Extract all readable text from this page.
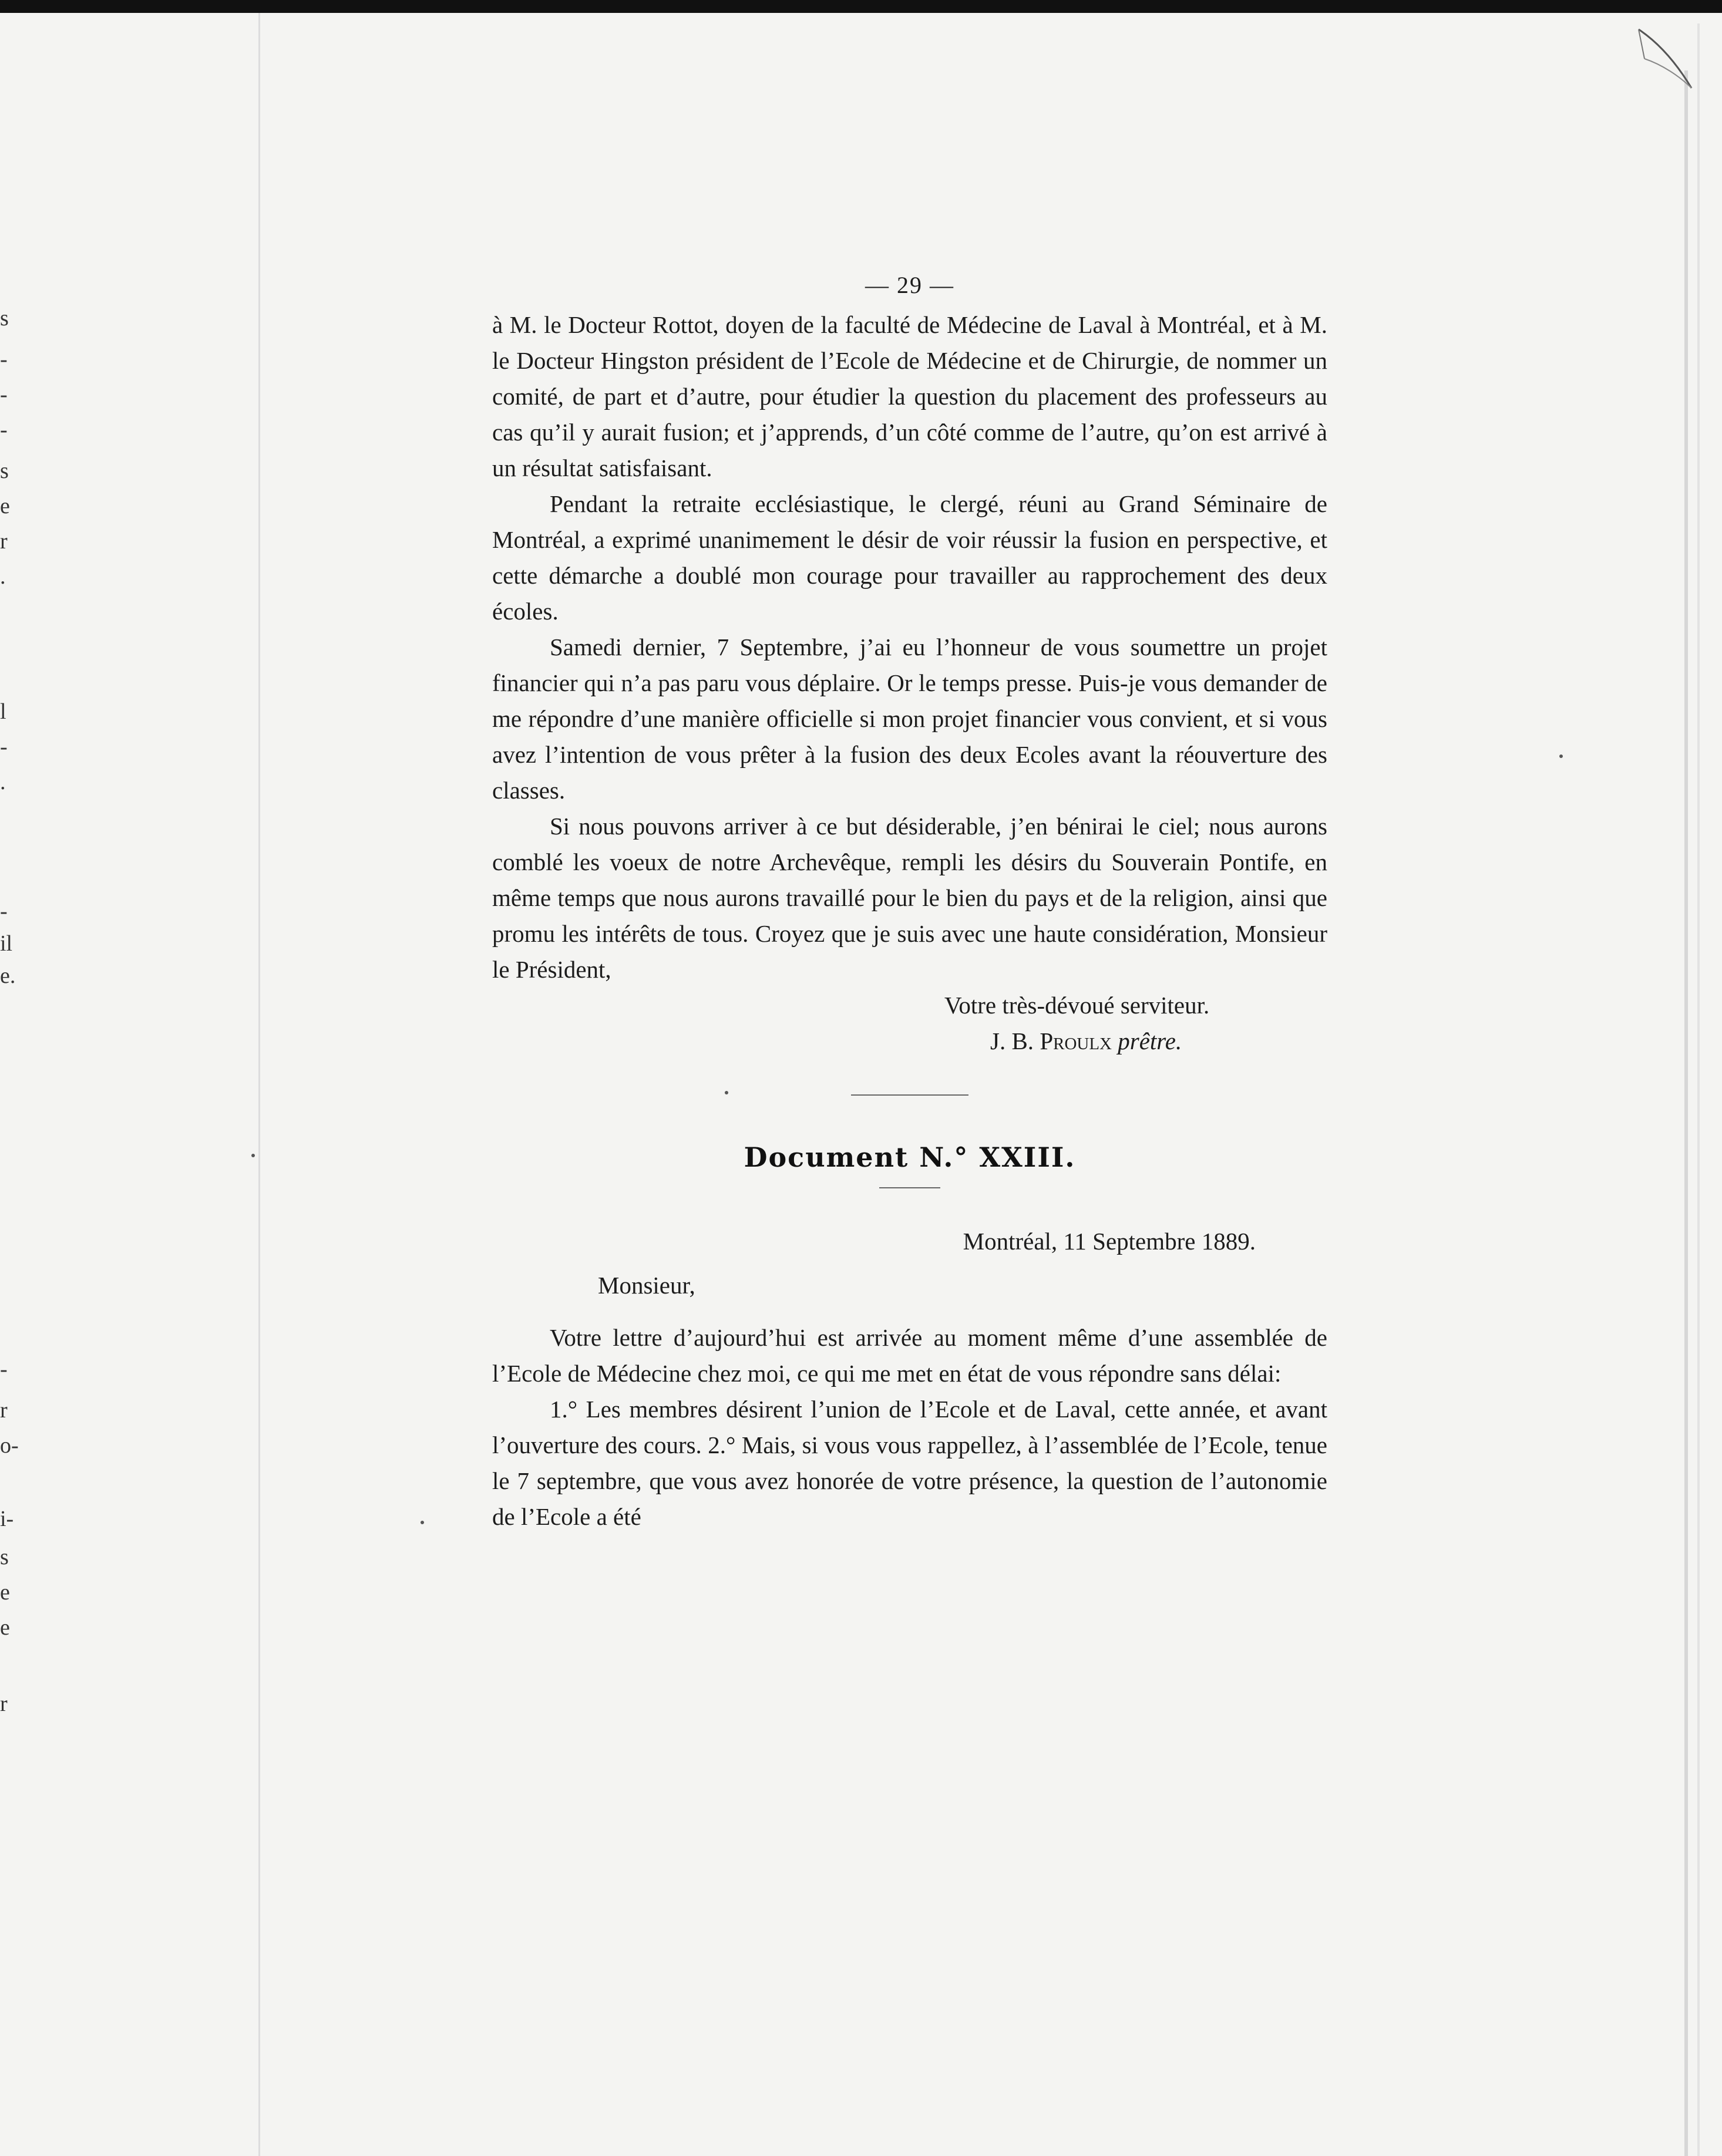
s
-
-
-
s
e
r
.
l
-
.
-
il
e.
-
r
o-
i-
s
e
e
r

— 29 —

à M. le Docteur Rottot, doyen de la faculté de Médecine de Laval à Montréal, et à M. le Docteur Hingston président de l’Ecole de Médecine et de Chirurgie, de nommer un comité, de part et d’autre, pour étudier la question du placement des professeurs au cas qu’il y aurait fusion; et j’apprends, d’un côté comme de l’autre, qu’on est arrivé à un résultat satisfaisant.

Pendant la retraite ecclésiastique, le clergé, réuni au Grand Séminaire de Montréal, a exprimé unanimement le désir de voir réussir la fusion en perspective, et cette démarche a doublé mon courage pour travailler au rapprochement des deux écoles.

Samedi dernier, 7 Septembre, j’ai eu l’honneur de vous soumettre un projet financier qui n’a pas paru vous déplaire. Or le temps presse. Puis-je vous demander de me répondre d’une manière officielle si mon projet financier vous convient, et si vous avez l’intention de vous prêter à la fusion des deux Ecoles avant la réouverture des classes.

Si nous pouvons arriver à ce but désiderable, j’en bénirai le ciel; nous aurons comblé les voeux de notre Archevêque, rempli les désirs du Souverain Pontife, en même temps que nous aurons travaillé pour le bien du pays et de la religion, ainsi que promu les intérêts de tous. Croyez que je suis avec une haute considération, Monsieur le Président,

Votre très-dévoué serviteur.

J. B. Proulx prêtre.

Document N.° XXIII.

Montréal, 11 Septembre 1889.

Monsieur,

Votre lettre d’aujourd’hui est arrivée au moment même d’une assemblée de l’Ecole de Médecine chez moi, ce qui me met en état de vous répondre sans délai:

1.° Les membres désirent l’union de l’Ecole et de Laval, cette année, et avant l’ouverture des cours. 2.° Mais, si vous vous rappellez, à l’assemblée de l’Ecole, tenue le 7 septembre, que vous avez honorée de votre présence, la question de l’autonomie de l’Ecole a été
